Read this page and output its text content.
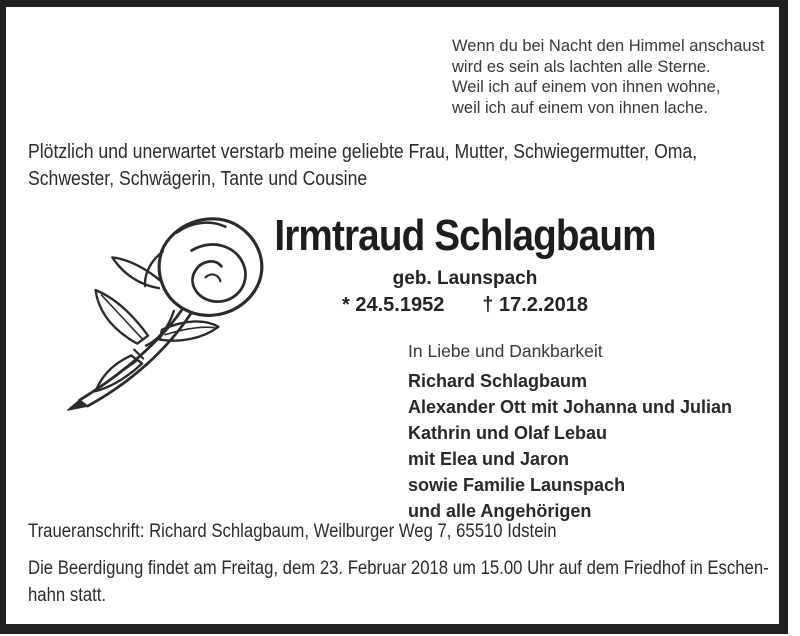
Wenn du bei Nacht den Himmel anschaust
wird es sein als lachten alle Sterne.
Weil ich auf einem von ihnen wohne,
weil ich auf einem von ihnen lache.
Plötzlich und unerwartet verstarb meine geliebte Frau, Mutter, Schwiegermutter, Oma,
Schwester, Schwägerin, Tante und Cousine
Irmtraud Schlagbaum
geb. Launspach
* 24.5.1952 † 17.2.2018
In Liebe und Dankbarkeit
Richard Schlagbaum
Alexander Ott mit Johanna und Julian
Kathrin und Olaf Lebau
mit Elea und Jaron
sowie Familie Launspach
und alle Angehörigen
Traueranschrift: Richard Schlagbaum, Weilburger Weg 7, 65510 Idstein
Die Beerdigung findet am Freitag, dem 23. Februar 2018 um 15.00 Uhr auf dem Friedhof in Eschen-
hahn statt.
